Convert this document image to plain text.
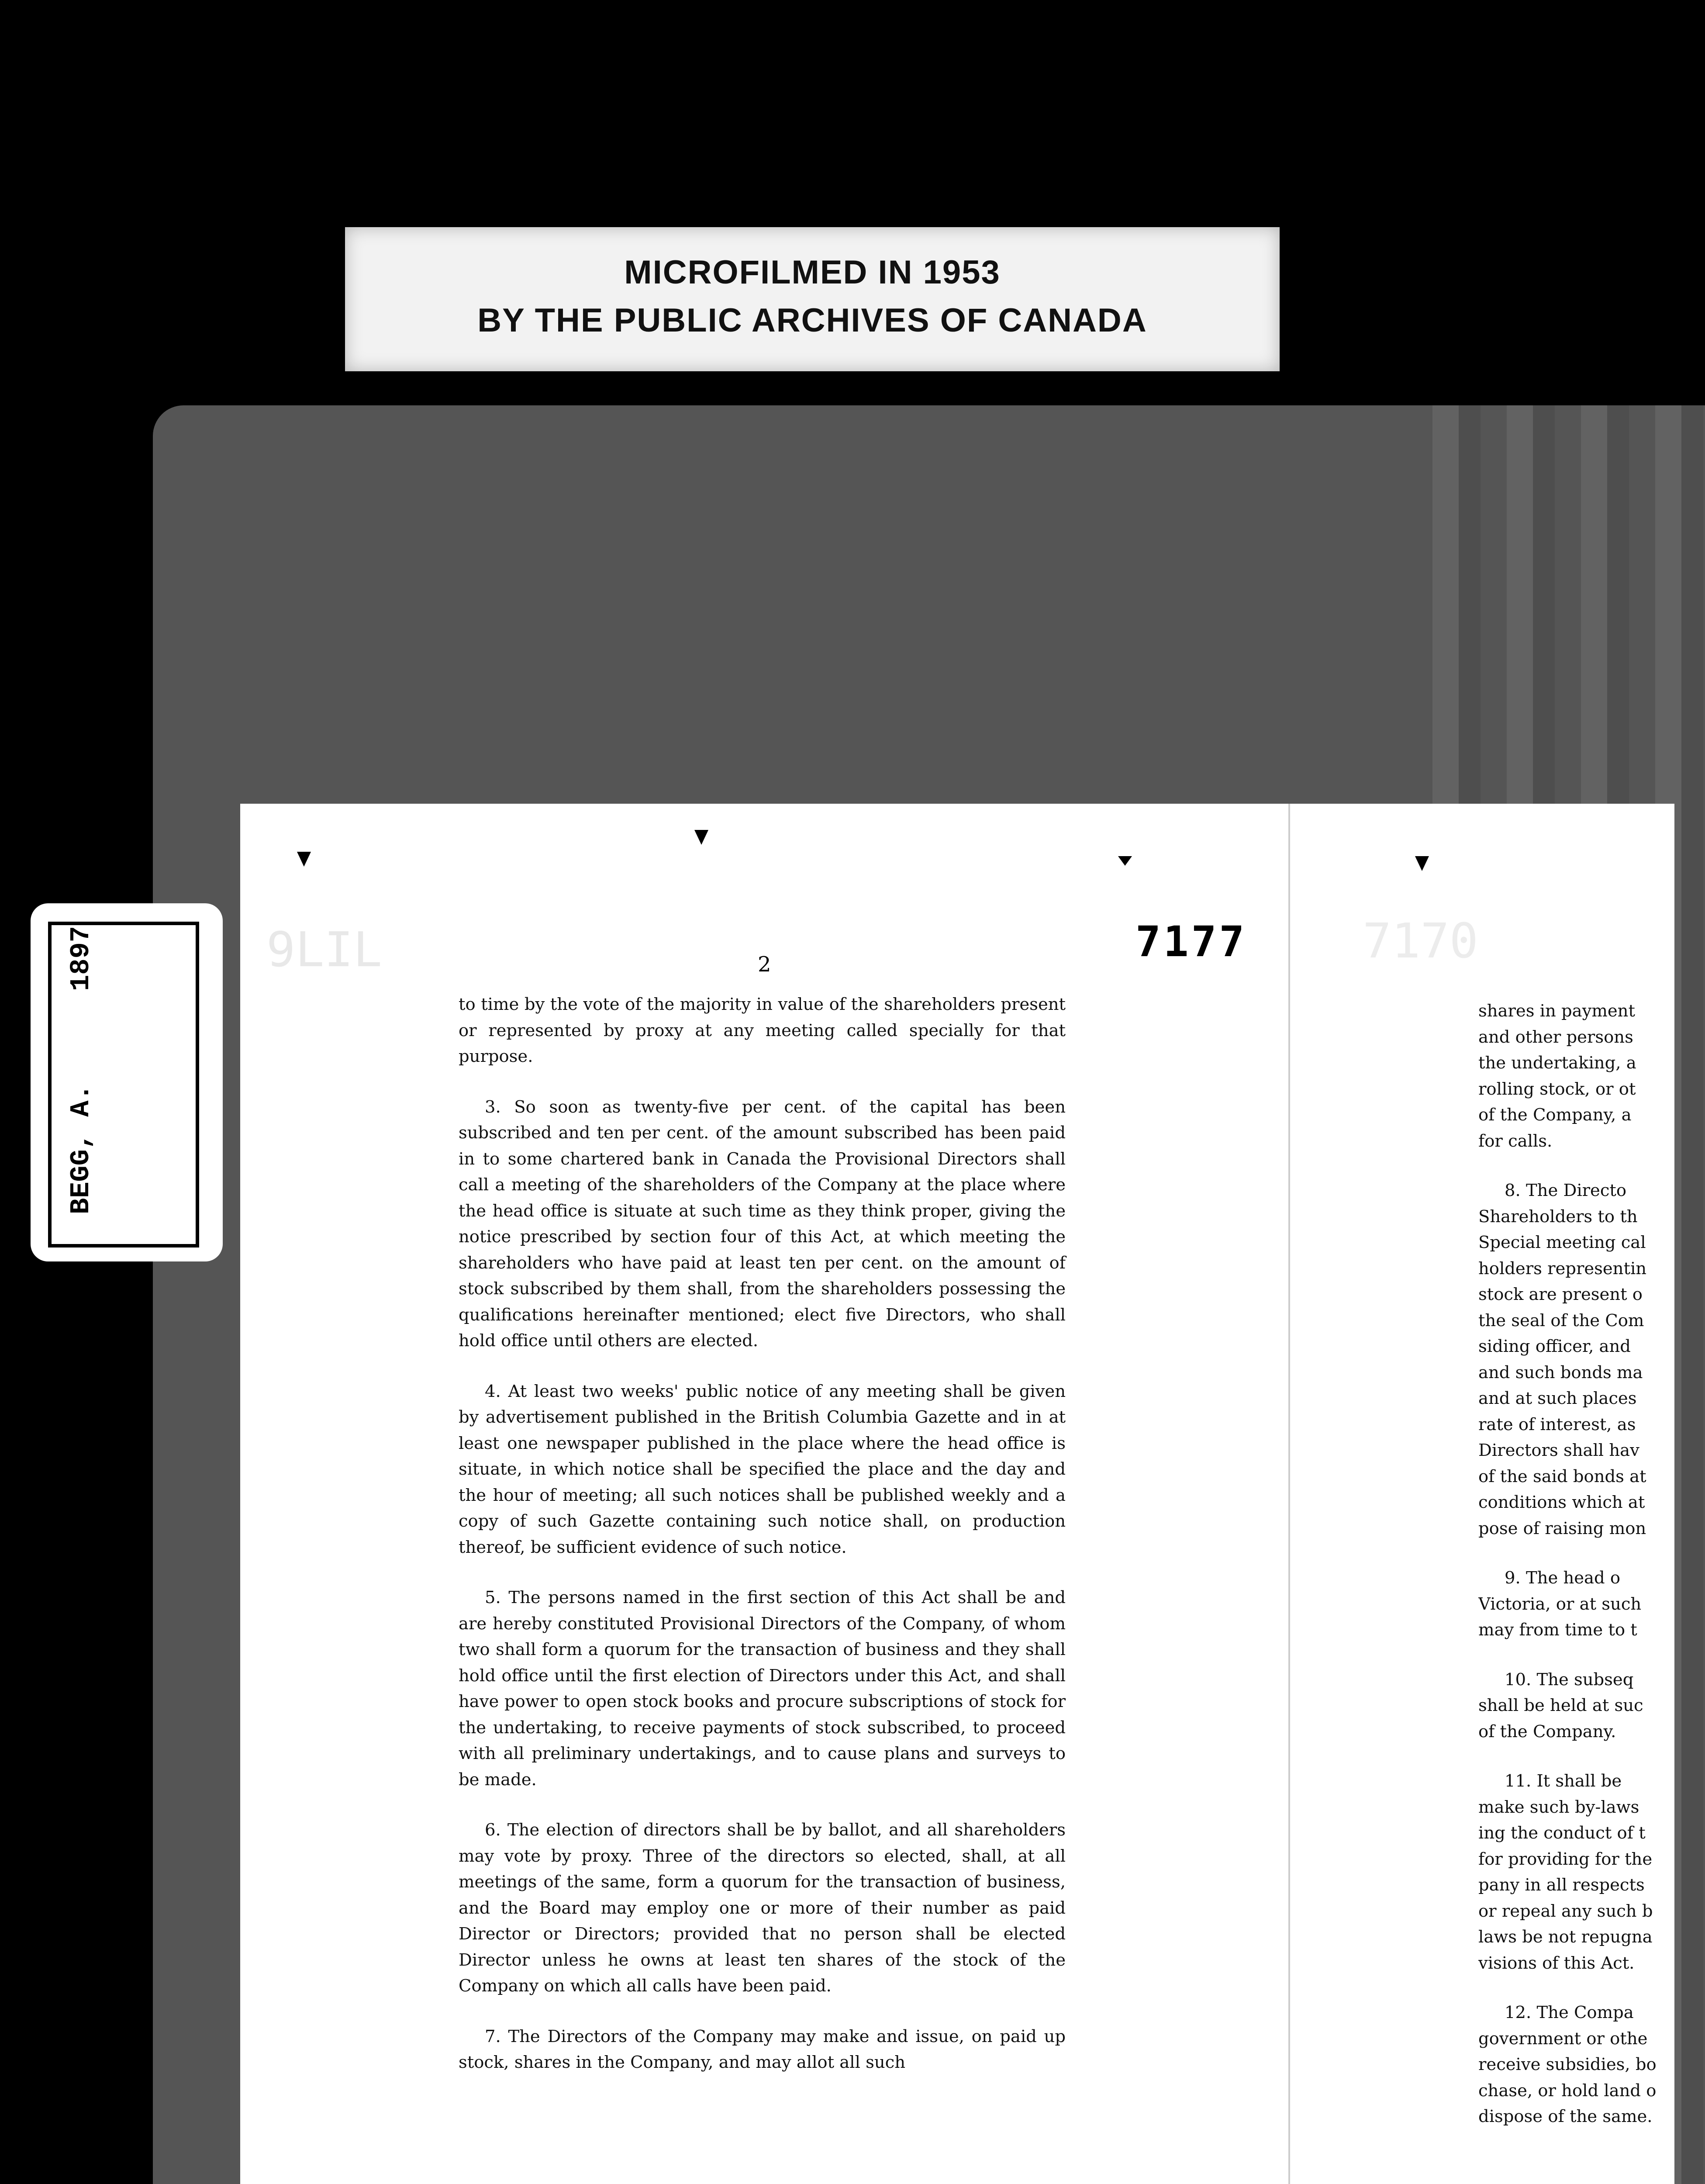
MICROFILMED IN 1953
BY THE PUBLIC ARCHIVES OF CANADA
BEGG, A.
1897	9LIL	7170
2	7177

to time by the vote of the majority in value of the shareholders present or represented by proxy at any meeting called specially for that purpose.

3. So soon as twenty-five per cent. of the capital has been subscribed and ten per cent. of the amount subscribed has been paid in to some chartered bank in Canada the Provisional Directors shall call a meeting of the shareholders of the Company at the place where the head office is situate at such time as they think proper, giving the notice prescribed by section four of this Act, at which meeting the shareholders who have paid at least ten per cent. on the amount of stock subscribed by them shall, from the shareholders possessing the qualifications hereinafter mentioned; elect five Directors, who shall hold office until others are elected.

4. At least two weeks' public notice of any meeting shall be given by advertisement published in the British Columbia Gazette and in at least one newspaper published in the place where the head office is situate, in which notice shall be specified the place and the day and the hour of meeting; all such notices shall be published weekly and a copy of such Gazette containing such notice shall, on production thereof, be sufficient evidence of such notice.

5. The persons named in the first section of this Act shall be and are hereby constituted Provisional Directors of the Company, of whom two shall form a quorum for the transaction of business and they shall hold office until the first election of Directors under this Act, and shall have power to open stock books and procure subscriptions of stock for the undertaking, to receive payments of stock subscribed, to proceed with all preliminary undertakings, and to cause plans and surveys to be made.

6. The election of directors shall be by ballot, and all shareholders may vote by proxy. Three of the directors so elected, shall, at all meetings of the same, form a quorum for the transaction of business, and the Board may employ one or more of their number as paid Director or Directors; provided that no person shall be elected Director unless he owns at least ten shares of the stock of the Company on which all calls have been paid.

7. The Directors of the Company may make and issue, on paid up stock, shares in the Company, and may allot all such

shares in payment
and other persons
the undertaking, a
rolling stock, or ot
of the Company, a
for calls.
8. The Directo
Shareholders to th
Special meeting cal
holders representin
stock are present o
the seal of the Com
siding officer, and
and such bonds ma
and at such places
rate of interest, as
Directors shall hav
of the said bonds at
conditions which at
pose of raising mon
9. The head o
Victoria, or at such
may from time to t
10. The subseq
shall be held at suc
of the Company.
11. It shall be
make such by-laws
ing the conduct of t
for providing for the
pany in all respects
or repeal any such b
laws be not repugna
visions of this Act.
12. The Compa
government or othe
receive subsidies, bo
chase, or hold land o
dispose of the same.
